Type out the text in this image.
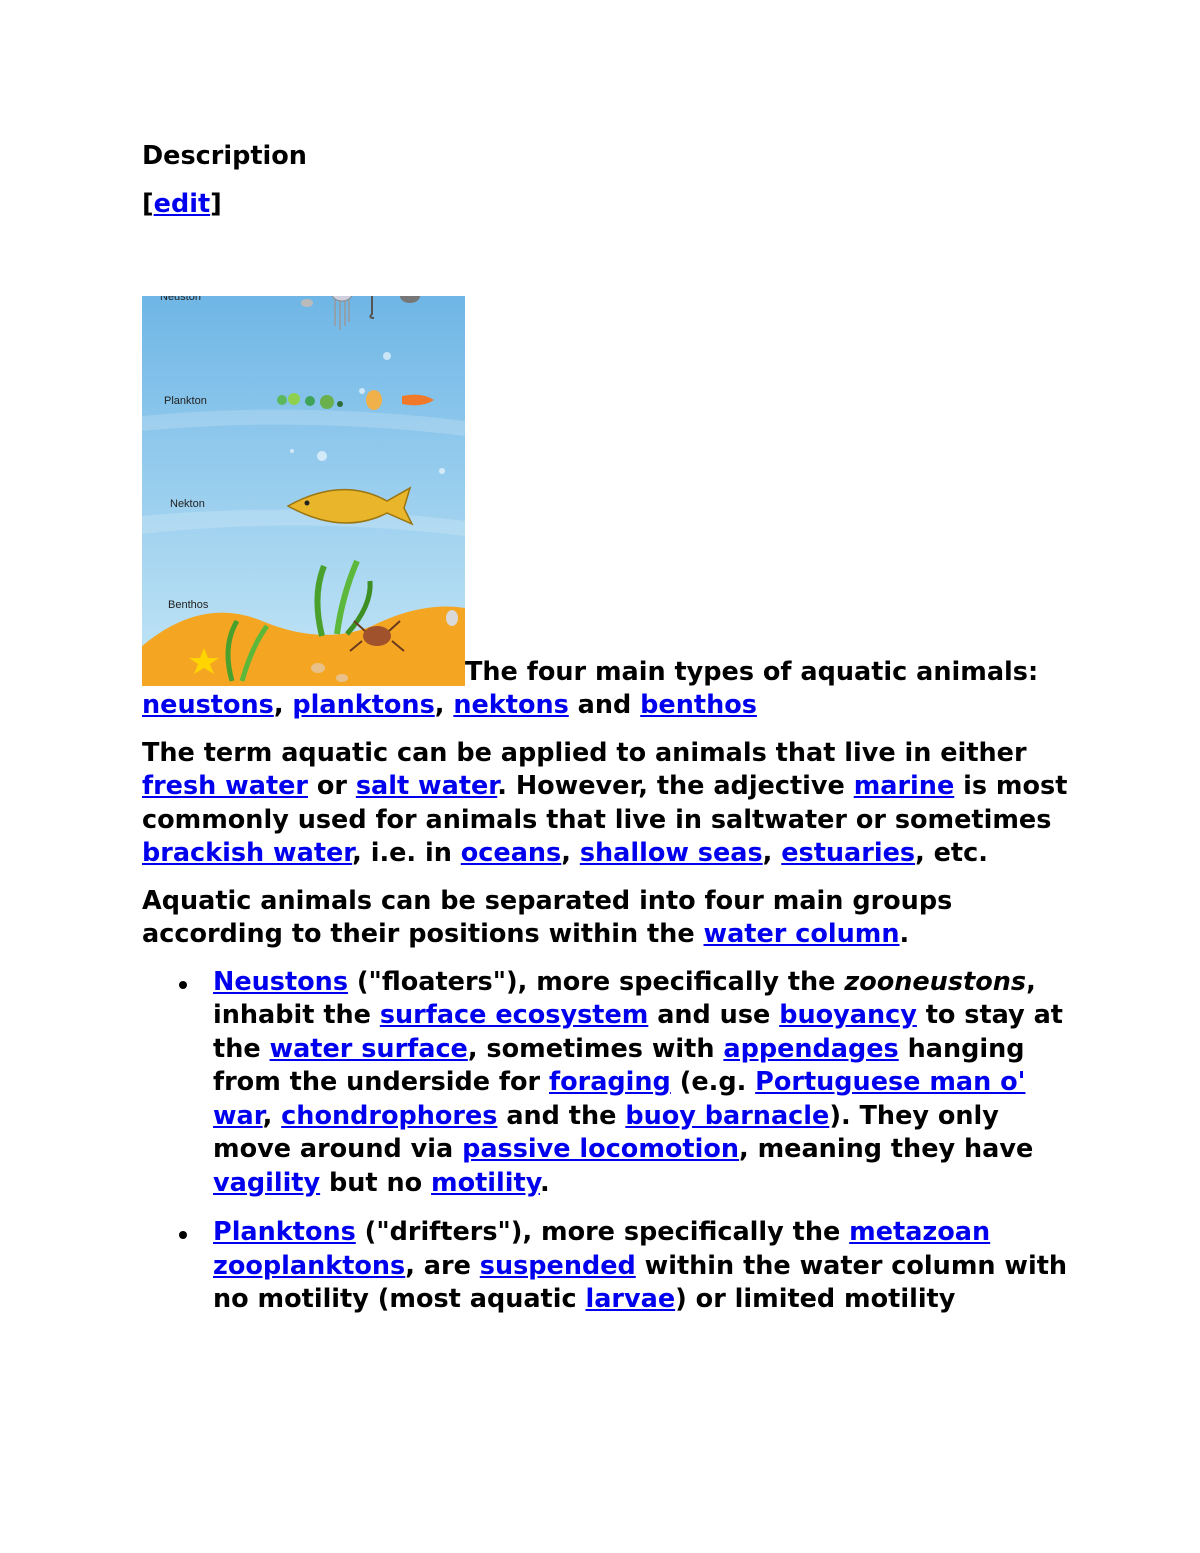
Description
[edit]
Neuston
Plankton
Nekton
Benthos
The four main types of aquatic animals: neustons, planktons, nektons and benthos

The term aquatic can be applied to animals that live in either fresh water or salt water. However, the adjective marine is most commonly used for animals that live in saltwater or sometimes brackish water, i.e. in oceans, shallow seas, estuaries, etc.

Aquatic animals can be separated into four main groups according to their positions within the water column.

Neustons ("floaters"), more specifically the zooneustons, inhabit the surface ecosystem and use buoyancy to stay at the water surface, sometimes with appendages hanging from the underside for foraging (e.g. Portuguese man o' war, chondrophores and the buoy barnacle). They only move around via passive locomotion, meaning they have vagility but no motility.
Planktons ("drifters"), more specifically the metazoan zooplanktons, are suspended within the water column with no motility (most aquatic larvae) or limited motility
